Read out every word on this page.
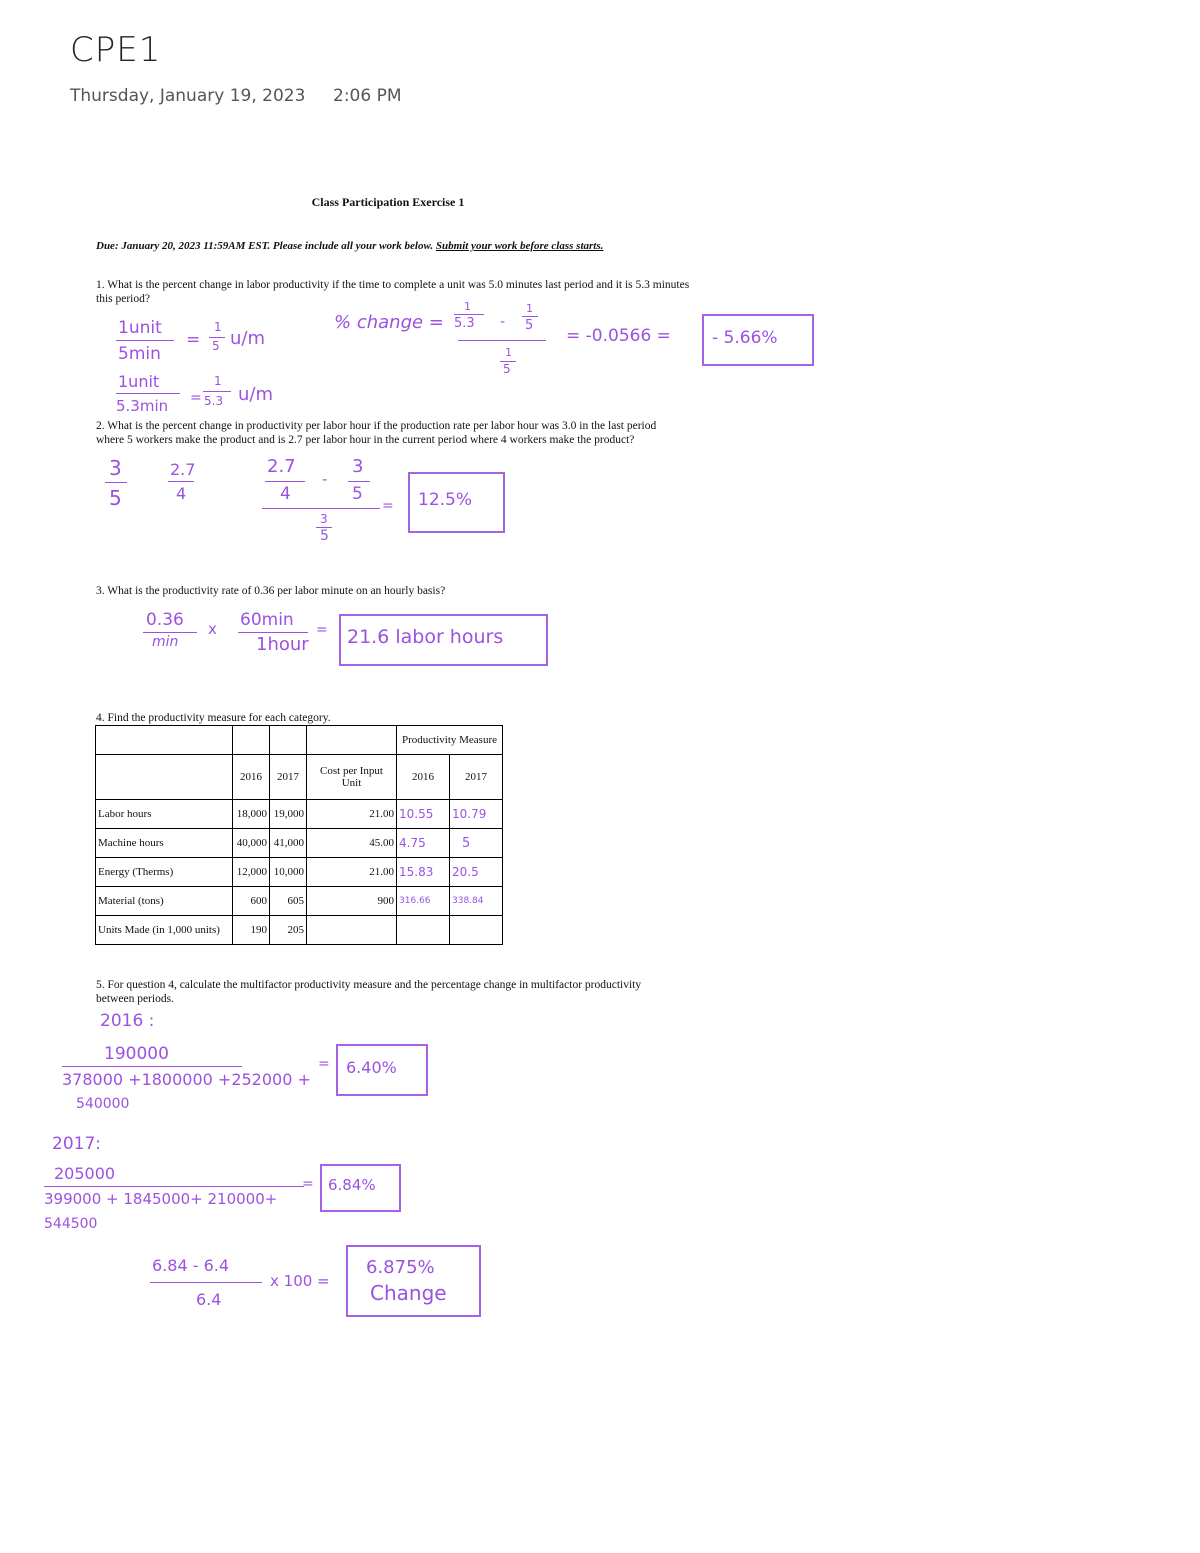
CPE1
Thursday, January 19, 2023 2:06 PM
Class Participation Exercise 1
Due: January 20, 2023 11:59AM EST. Please include all your work below. Submit your work before class starts.
1. What is the percent change in labor productivity if the time to complete a unit was 5.0 minutes last period and it is 5.3 minutes this period?
1unit
5min
=
1
5 u/m
1unit
5.3min =
1
5.3 u/m
% change =
1
5.3 -
1
5
1
5
= -0.0566 = - 5.66%
2. What is the percent change in productivity per labor hour if the production rate per labor hour was 3.0 in the last period where 5 workers make the product and is 2.7 per labor hour in the current period where 4 workers make the product?
3
5
2.7
4
2.7
4
-
3
5
3
5
= 12.5%
3. What is the productivity rate of 0.36 per labor minute on an hourly basis?
0.36
min
x 60min
1hour
= 21.6 labor hours
4. Find the productivity measure for each category.
				Productivity Measure	
	2016	2017	Cost per Input Unit	2016	2017
Labor hours	18,000	19,000	21.00	10.55	10.79
Machine hours	40,000	41,000	45.00	4.75	5
Energy (Therms)	12,000	10,000	21.00	15.83	20.5
Material (tons)	600	605	900	316.66	338.84
Units Made (in 1,000 units)	190	205			
5. For question 4, calculate the multifactor productivity measure and the percentage change in multifactor productivity between periods.
2016 :
190000
378000 +1800000 +252000 +
540000
= 6.40%
2017:
205000
399000 + 1845000+ 210000+
544500
= 6.84%
6.84 - 6.4
6.4
x 100 =
6.875%
Change
